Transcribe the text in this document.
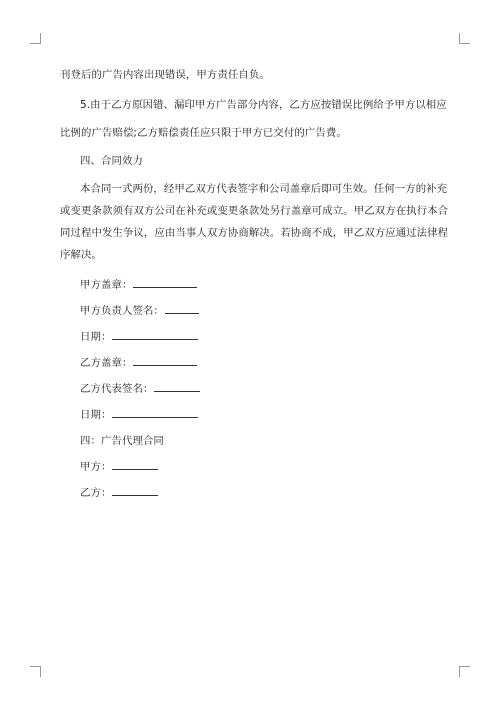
刊登后的广告内容出现错误，甲方责任自负。
5.由于乙方原因错、漏印甲方广告部分内容，乙方应按错误比例给予甲方以相应
比例的广告赔偿;乙方赔偿责任应只限于甲方已交付的广告费。
四、合同效力
本合同一式两份，经甲乙双方代表签字和公司盖章后即可生效。任何一方的补充
或变更条款须有双方公司在补充或变更条款处另行盖章可成立。甲乙双方在执行本合
同过程中发生争议，应由当事人双方协商解决。若协商不成，甲乙双方应通过法律程
序解决。
甲方盖章：
甲方负责人签名：
日期：
乙方盖章：
乙方代表签名：
日期：
四：广告代理合同
甲方：
乙方：
